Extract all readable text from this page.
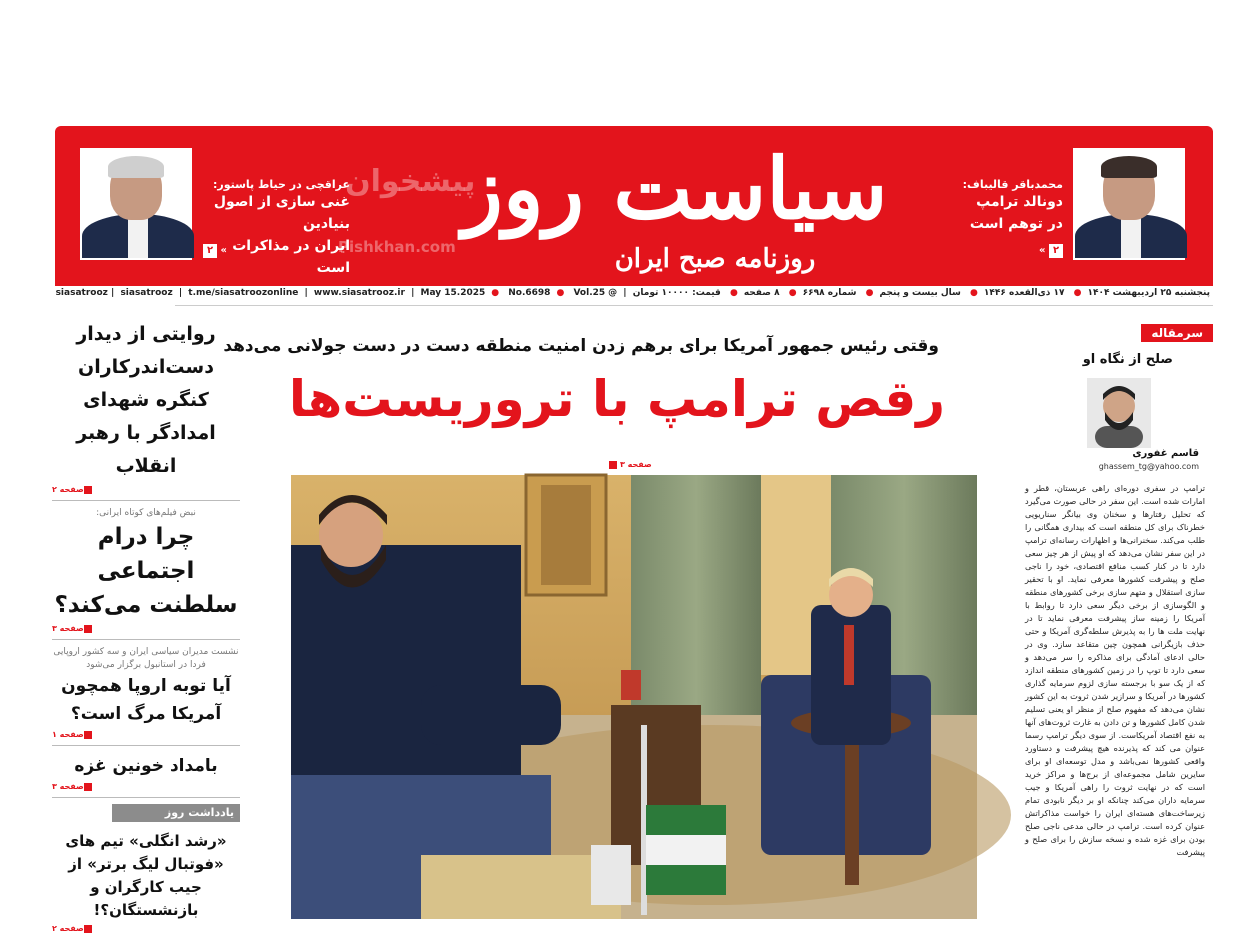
محمدباقر قالیباف:
دونالد ترامپ
در توهم است
« ۲
پیشخوان
Pishkhan.com
سیاست روز
روزنامه صبح ایران
عراقچی در حیاط پاستور:
غنی سازی از اصول بنیادین
ایران در مذاکرات است
۲ «
پنجشنبه ۲۵ اردیبهشت ۱۴۰۴● ۱۷ ذی‌القعده ۱۴۴۶● سال بیست و پنجم● شماره ۶۶۹۸● ۸ صفحه● قیمت: ۱۰۰۰۰ تومان | @siasatrooz | siasatrooz | t.me/siasatroozonline | www.siasatrooz.ir | May 15.2025 ● No.6698 ● Vol.25
روایتی از دیدار دست‌اندرکاران کنگره شهدای امدادگر با رهبر انقلاب
صفحه ۲
نبض فیلم‌های کوتاه ایرانی:
چرا درام اجتماعی سلطنت می‌کند؟
صفحه ۳
نشست مدیران سیاسی ایران و سه کشور اروپایی فردا در استانبول برگزار می‌شود
آیا توبه اروپا همچون آمریکا مرگ است؟
صفحه ۱
بامداد خونین غزه
صفحه ۳
یادداشت روز
«رشد انگلی» تیم های «فوتبال لیگ برتر» از جیب کارگران و بازنشستگان؟!
صفحه ۲
وقتی رئیس جمهور آمریکا برای برهم زدن امنیت منطقه دست در دست جولانی می‌دهد
رقص ترامپ با تروریست‌ها
صفحه ۳
سرمقاله
صلح از نگاه او
قاسم غفوری
ghassem_tg@yahoo.com
ترامپ در سفری دوره‌ای راهی عربستان، قطر و امارات شده است. این سفر در حالی صورت می‌گیرد که تحلیل رفتارها و سخنان وی بیانگر سناریویی خطرناک برای کل منطقه است که بیداری همگانی را طلب می‌کند. سخنرانی‌ها و اظهارات رسانه‌ای ترامپ در این سفر نشان می‌دهد که او پیش از هر چیز سعی دارد تا در کنار کسب منافع اقتصادی، خود را ناجی صلح و پیشرفت کشورها معرفی نماید. او با تحقیر سازی استقلال و متهم سازی برخی کشورهای منطقه و الگوسازی از برخی دیگر سعی دارد تا روابط با آمریکا را زمینه ساز پیشرفت معرفی نماید تا در نهایت ملت ها را به پذیرش سلطه‌گری آمریکا و حتی حذف بازیگرانی همچون چین متقاعد سازد. وی در حالی ادعای آمادگی برای مذاکره را سر می‌دهد و سعی دارد تا توپ را در زمین کشورهای منطقه اندازد که از یک سو با برجسته سازی لزوم سرمایه گذاری کشورها در آمریکا و سرازیر شدن ثروت به این کشور نشان می‌دهد که مفهوم صلح از منظر او یعنی تسلیم شدن کامل کشورها و تن دادن به غارت ثروت‌های آنها به نفع اقتصاد آمریکاست. از سوی دیگر ترامپ رسما عنوان می کند که پذیرنده هیچ پیشرفت و دستاورد واقعی کشورها نمی‌باشد و مدل توسعه‌ای او برای سایرین شامل مجموعه‌ای از برج‌ها و مراکز خرید است که در نهایت ثروت را راهی آمریکا و جیب سرمایه داران می‌کند چنانکه او بر دیگر نابودی تمام زیرساخت‌های هسته‌ای ایران را خواست مذاکراتش عنوان کرده است. ترامپ در حالی مدعی ناجی صلح بودن برای غزه شده و نسخه سازش را برای صلح و پیشرفت
